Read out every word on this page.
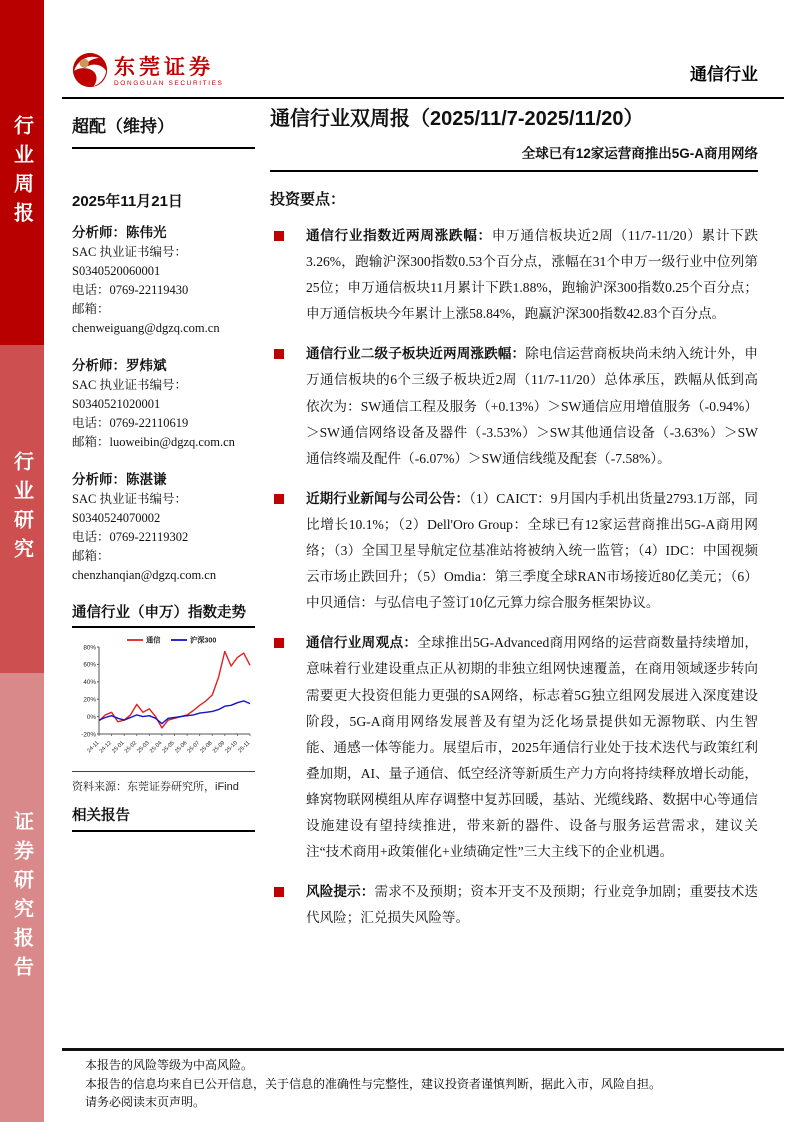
行业周报
行业研究
证券研究报告
东莞证券
DONGGUAN SECURITIES	通信行业
超配（维持）	通信行业双周报（2025/11/7-2025/11/20）
全球已有12家运营商推出5G-A商用网络
2025年11月21日
分析师：陈伟光
SAC 执业证书编号：
S0340520060001
电话：0769-22119430
邮箱：
chenweiguang@dgzq.com.cn
分析师：罗炜斌
SAC 执业证书编号：
S0340521020001
电话：0769-22110619
邮箱：luoweibin@dgzq.com.cn
分析师：陈湛谦
SAC 执业证书编号：
S0340524070002
电话：0769-22119302
邮箱：
chenzhanqian@dgzq.com.cn
通信行业（申万）指数走势
80%
60%
40%
20%
0%
-20%
24-11
24-12
25-01
25-02
25-03
25-04
25-05
25-06
25-07
25-08
25-09
25-10
25-11
通信	沪深300
资料来源：东莞证券研究所，iFind
相关报告
投资要点：
通信行业指数近两周涨跌幅：申万通信板块近2周（11/7-11/20）累计下跌3.26%，跑输沪深300指数0.53个百分点，涨幅在31个申万一级行业中位列第25位；申万通信板块11月累计下跌1.88%，跑输沪深300指数0.25个百分点；申万通信板块今年累计上涨58.84%，跑赢沪深300指数42.83个百分点。
通信行业二级子板块近两周涨跌幅：除电信运营商板块尚未纳入统计外，申万通信板块的6个三级子板块近2周（11/7-11/20）总体承压，跌幅从低到高依次为：SW通信工程及服务（+0.13%）＞SW通信应用增值服务（-0.94%）＞SW通信网络设备及器件（-3.53%）＞SW其他通信设备（-3.63%）＞SW通信终端及配件（-6.07%）＞SW通信线缆及配套（-7.58%）。
近期行业新闻与公司公告：（1）CAICT：9月国内手机出货量2793.1万部，同比增长10.1%；（2）Dell'Oro Group：全球已有12家运营商推出5G-A商用网络；（3）全国卫星导航定位基准站将被纳入统一监管；（4）IDC：中国视频云市场止跌回升；（5）Omdia：第三季度全球RAN市场接近80亿美元；（6）中贝通信：与弘信电子签订10亿元算力综合服务框架协议。
通信行业周观点：全球推出5G-Advanced商用网络的运营商数量持续增加，意味着行业建设重点正从初期的非独立组网快速覆盖，在商用领域逐步转向需要更大投资但能力更强的SA网络，标志着5G独立组网发展进入深度建设阶段，5G-A商用网络发展普及有望为泛化场景提供如无源物联、内生智能、通感一体等能力。展望后市，2025年通信行业处于技术迭代与政策红利叠加期，AI、量子通信、低空经济等新质生产力方向将持续释放增长动能，蜂窝物联网模组从库存调整中复苏回暖，基站、光缆线路、数据中心等通信设施建设有望持续推进，带来新的器件、设备与服务运营需求，建议关注“技术商用+政策催化+业绩确定性”三大主线下的企业机遇。
风险提示：需求不及预期；资本开支不及预期；行业竞争加剧；重要技术迭代风险；汇兑损失风险等。
本报告的风险等级为中高风险。
本报告的信息均来自已公开信息，关于信息的准确性与完整性，建议投资者谨慎判断，据此入市，风险自担。
请务必阅读末页声明。
